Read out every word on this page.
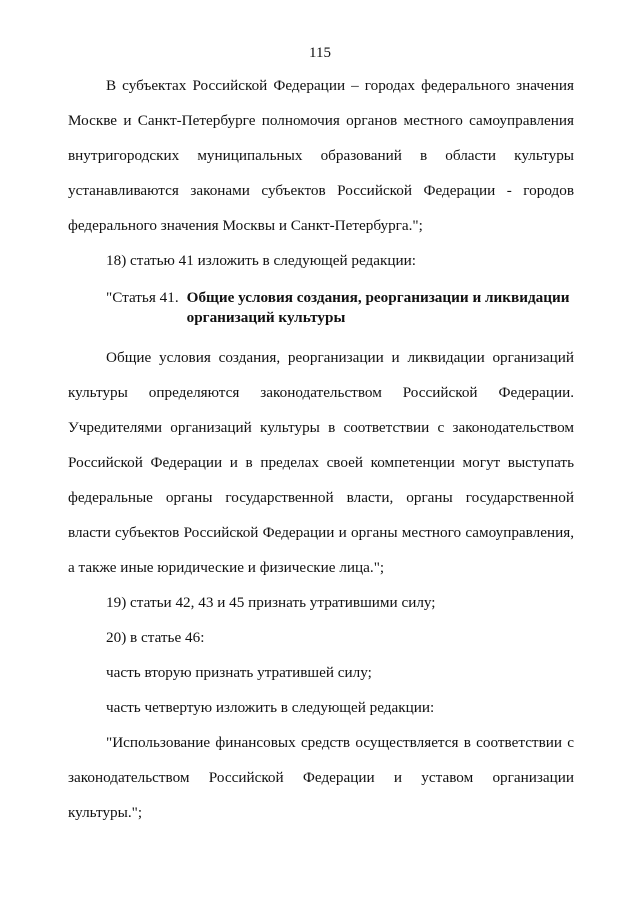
115

В субъектах Российской Федерации – городах федерального значения Москве и Санкт-Петербурге полномочия органов местного самоуправления внутригородских муниципальных образований в области культуры устанавливаются законами субъектов Российской Федерации - городов федерального значения Москвы и Санкт-Петербурга.";

18) статью 41 изложить в следующей редакции:

"Статья 41. Общие условия создания, реорганизации и ликвидации организаций культуры

Общие условия создания, реорганизации и ликвидации организаций культуры определяются законодательством Российской Федерации. Учредителями организаций культуры в соответствии с законодательством Российской Федерации и в пределах своей компетенции могут выступать федеральные органы государственной власти, органы государственной власти субъектов Российской Федерации и органы местного самоуправления, а также иные юридические и физические лица.";

19) статьи 42, 43 и 45 признать утратившими силу;

20) в статье 46:

часть вторую признать утратившей силу;

часть четвертую изложить в следующей редакции:

"Использование финансовых средств осуществляется в соответствии с законодательством Российской Федерации и уставом организации культуры.";
